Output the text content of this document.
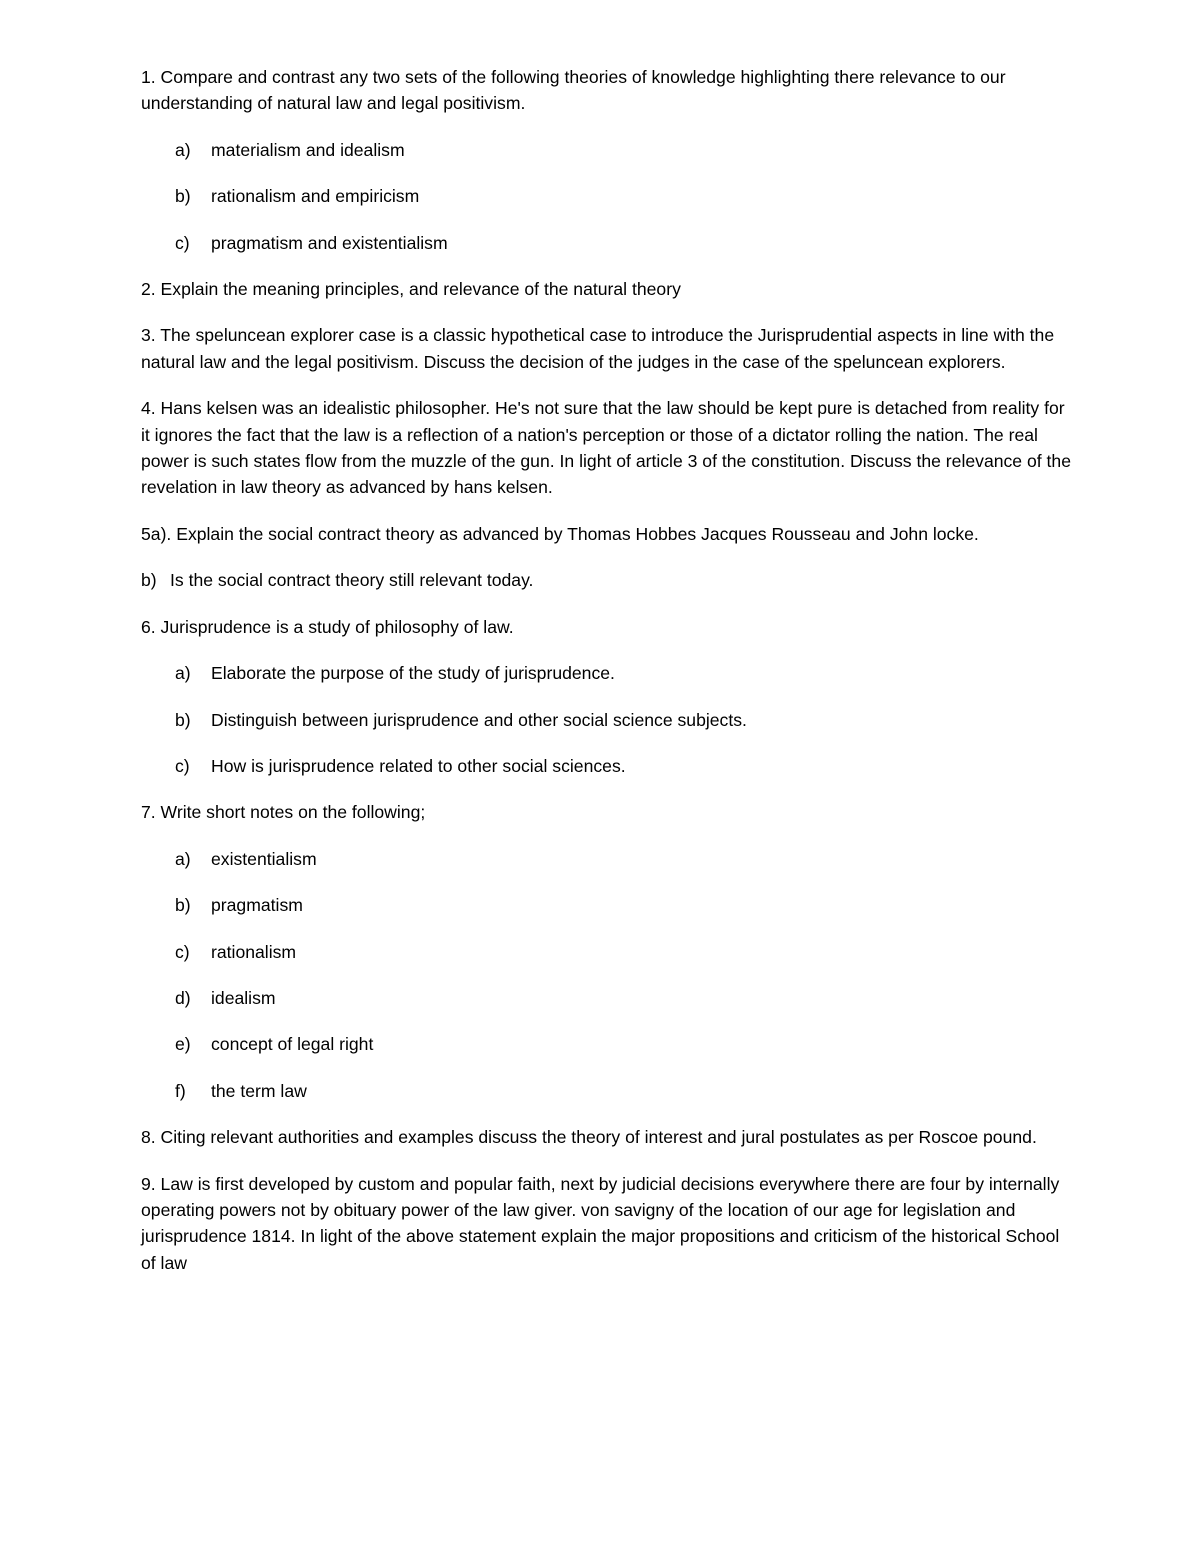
1. Compare and contrast any two sets of the following theories of knowledge highlighting there relevance to our understanding of natural law and legal positivism.

a)	materialism and idealism
b)	rationalism and empiricism
c)	pragmatism and existentialism

2. Explain the meaning principles, and relevance of the natural theory

3. The speluncean explorer case is a classic hypothetical case to introduce the Jurisprudential aspects in line with the natural law and the legal positivism. Discuss the decision of the judges in the case of the speluncean explorers.

4. Hans kelsen was an idealistic philosopher. He's not sure that the law should be kept pure is detached from reality for it ignores the fact that the law is a reflection of a nation's perception or those of a dictator rolling the nation. The real power is such states flow from the muzzle of the gun. In light of article 3 of the constitution. Discuss the relevance of the revelation in law theory as advanced by hans kelsen.

5a). Explain the social contract theory as advanced by Thomas Hobbes Jacques Rousseau and John locke.

b) Is the social contract theory still relevant today.

6. Jurisprudence is a study of philosophy of law.

a)	Elaborate the purpose of the study of jurisprudence.
b)	Distinguish between jurisprudence and other social science subjects.
c)	How is jurisprudence related to other social sciences.

7. Write short notes on the following;

a)	existentialism
b)	pragmatism
c)	rationalism
d)	idealism
e)	concept of legal right
f)	the term law

8. Citing relevant authorities and examples discuss the theory of interest and jural postulates as per Roscoe pound.

9. Law is first developed by custom and popular faith, next by judicial decisions everywhere there are four by internally operating powers not by obituary power of the law giver. von savigny of the location of our age for legislation and jurisprudence 1814. In light of the above statement explain the major propositions and criticism of the historical School of law
